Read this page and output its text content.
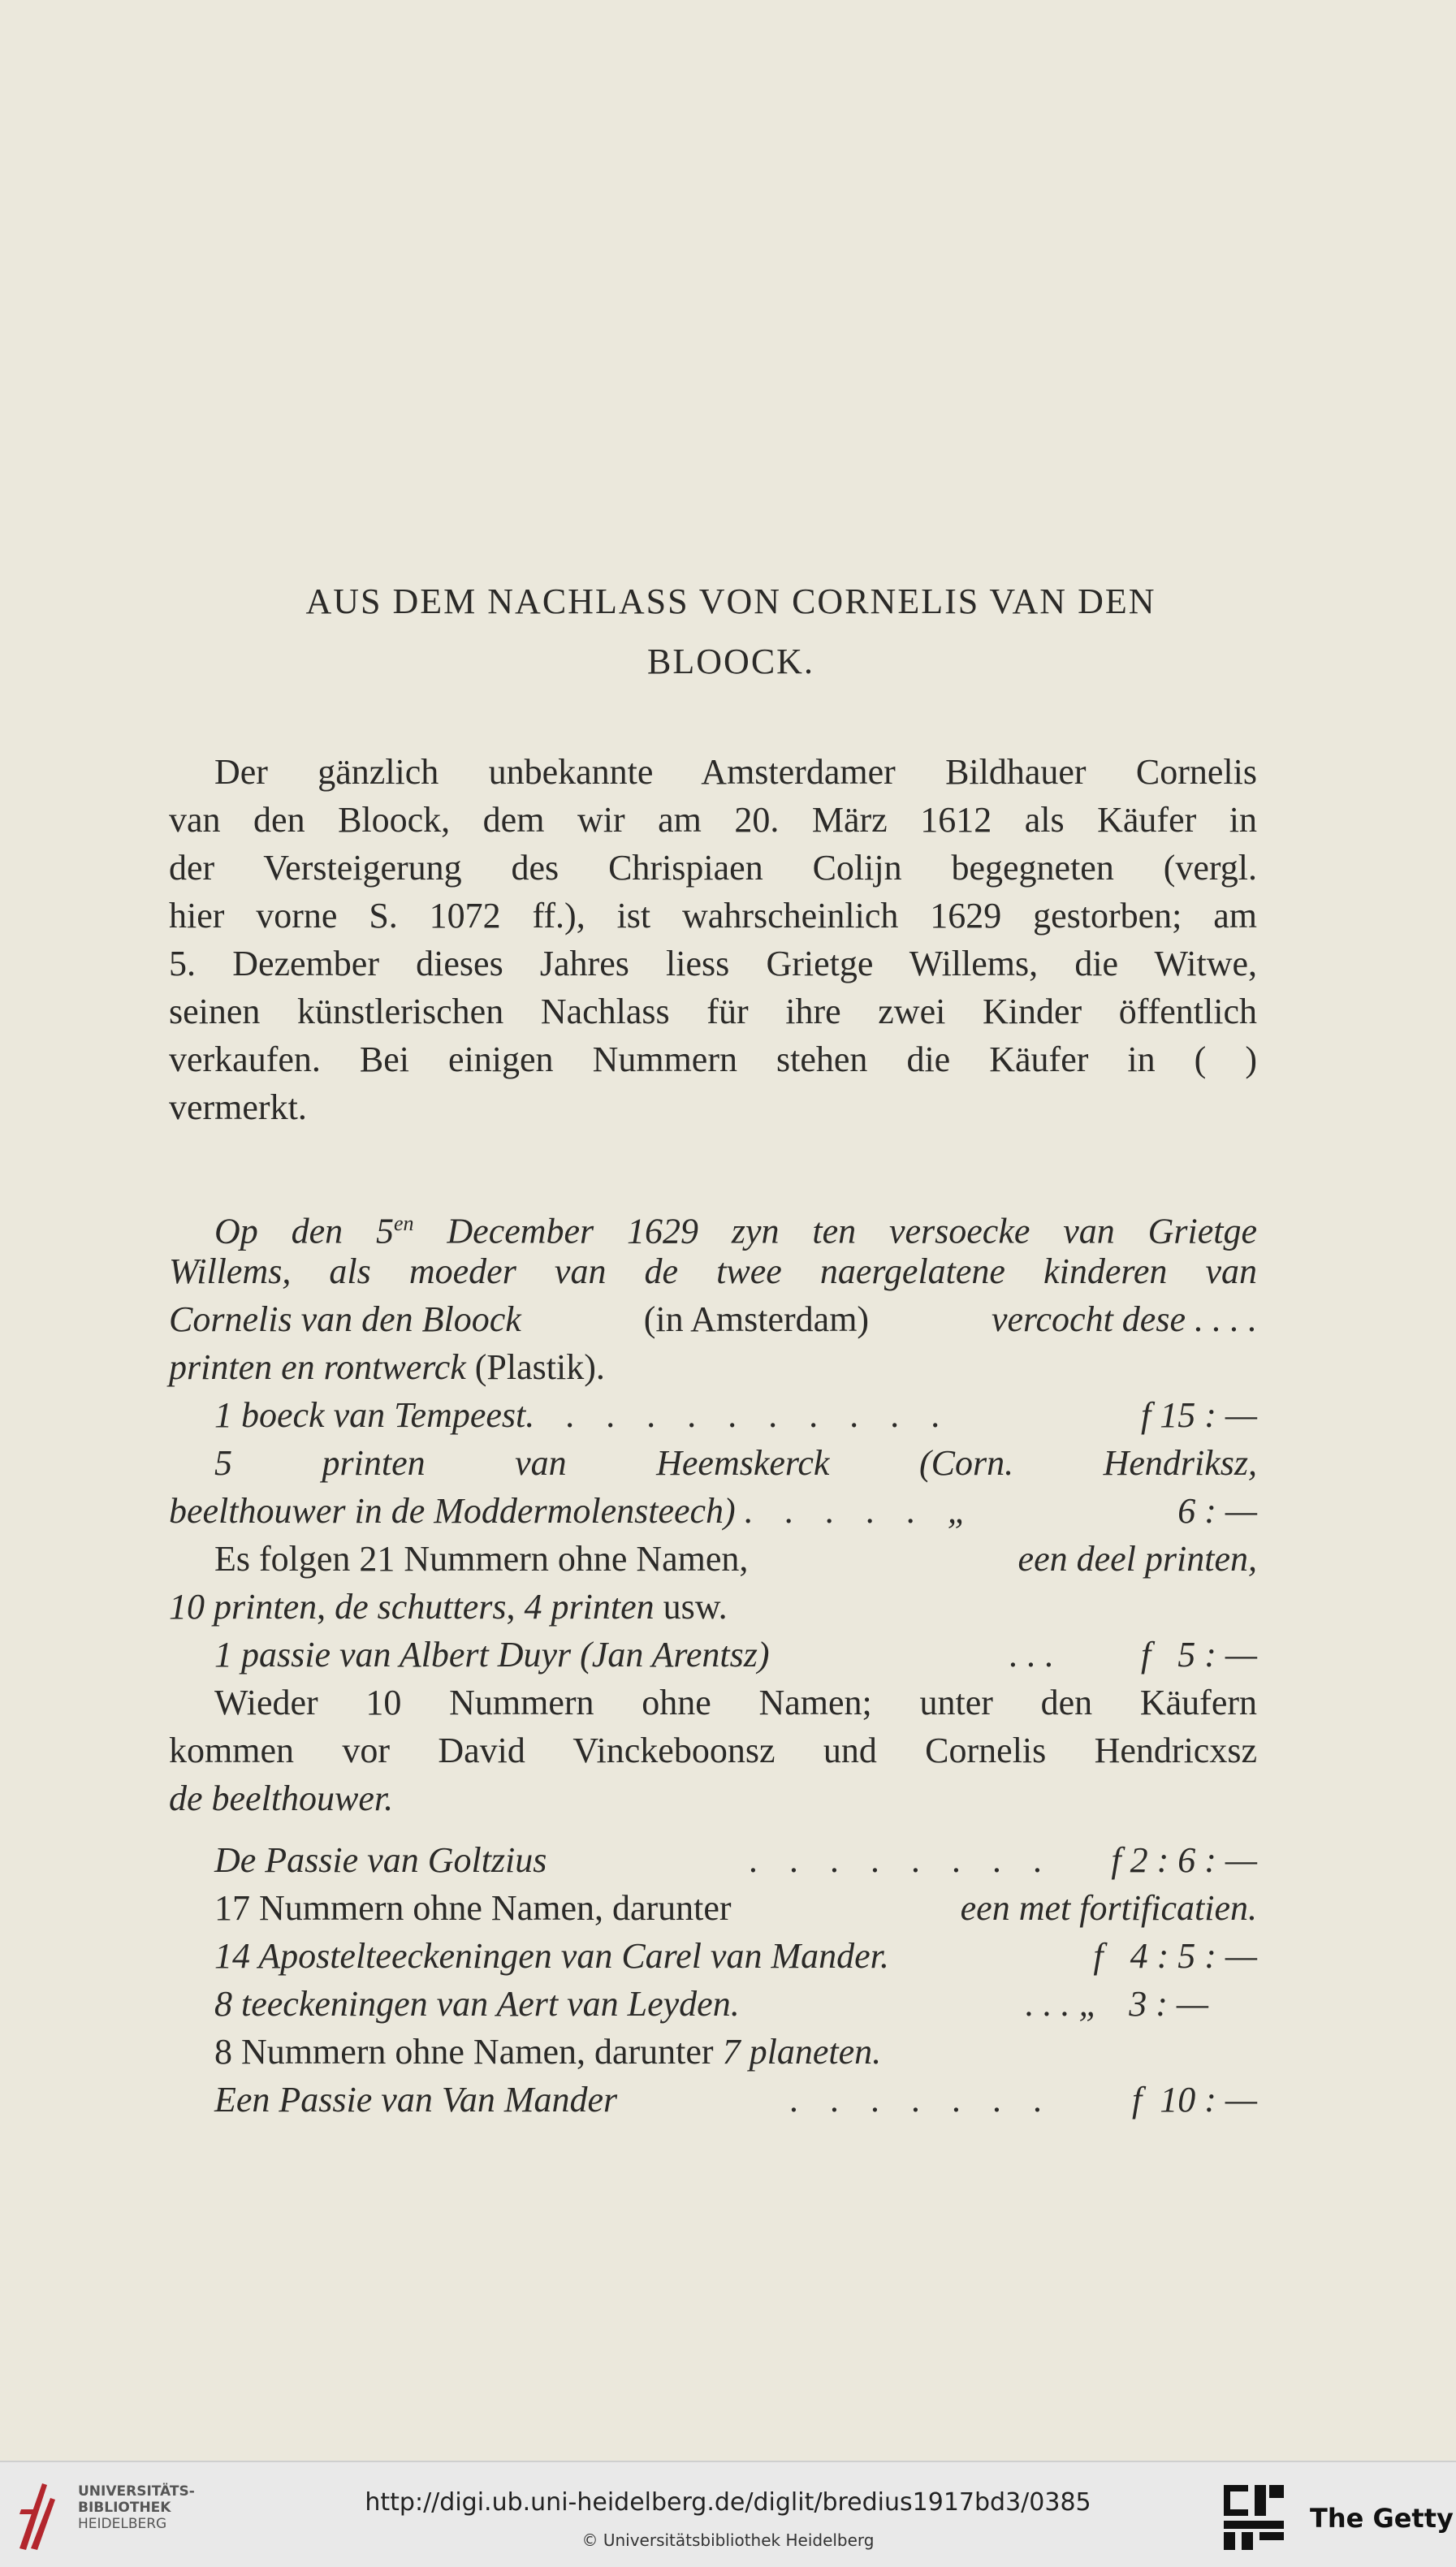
AUS DEM NACHLASS VON CORNELIS VAN DEN
BLOOCK.
Der gänzlich unbekannte Amsterdamer Bildhauer Cornelis
van den Bloock, dem wir am 20. März 1612 als Käufer in
der Versteigerung des Chrispiaen Colijn begegneten (vergl.
hier vorne S. 1072 ff.), ist wahrscheinlich 1629 gestorben; am
5. Dezember dieses Jahres liess Grietge Willems, die Witwe,
seinen künstlerischen Nachlass für ihre zwei Kinder öffentlich
verkaufen. Bei einigen Nummern stehen die Käufer in ( )
vermerkt.
Op den $5^{en}$ December 1629 zyn ten versoecke van Grietge
Willems, als moeder van de twee naergelatene kinderen van
Cornelis van den Bloock	(in Amsterdam)	vercocht dese . . . .
printen en rontwerck (Plastik).
1 boeck van Tempeest. . . . . . . . . . .	f 15 : —
5 printen van Heemskerck (Corn. Hendriksz,
beelthouwer in de Moddermolensteech) . . . . . „	6 : —
Es folgen 21 Nummern ohne Namen,	een deel printen,
10 printen, de schutters, 4 printen usw.
1 passie van Albert Duyr (Jan Arentsz)	. . . f   5 : —
Wieder 10 Nummern ohne Namen; unter den Käufern
kommen vor David Vinckeboonsz und Cornelis Hendricxsz
de beelthouwer.
De Passie van Goltzius	. . . . . . . . f 2 : 6 : —
17 Nummern ohne Namen, darunter	een met fortificatien.
14 Apostelteeckeningen van Carel van Mander.	f   4 : 5 : —
8 teeckeningen van Aert van Leyden.	. . . „ 3 : —
8 Nummern ohne Namen, darunter 7 planeten.
Een Passie van Van Mander	. . . . . . . f  10 : —
UNIVERSITÄTS-
BIBLIOTHEK
HEIDELBERG
http://digi.ub.uni-heidelberg.de/diglit/bredius1917bd3/0385
© Universitätsbibliothek Heidelberg
The Getty
